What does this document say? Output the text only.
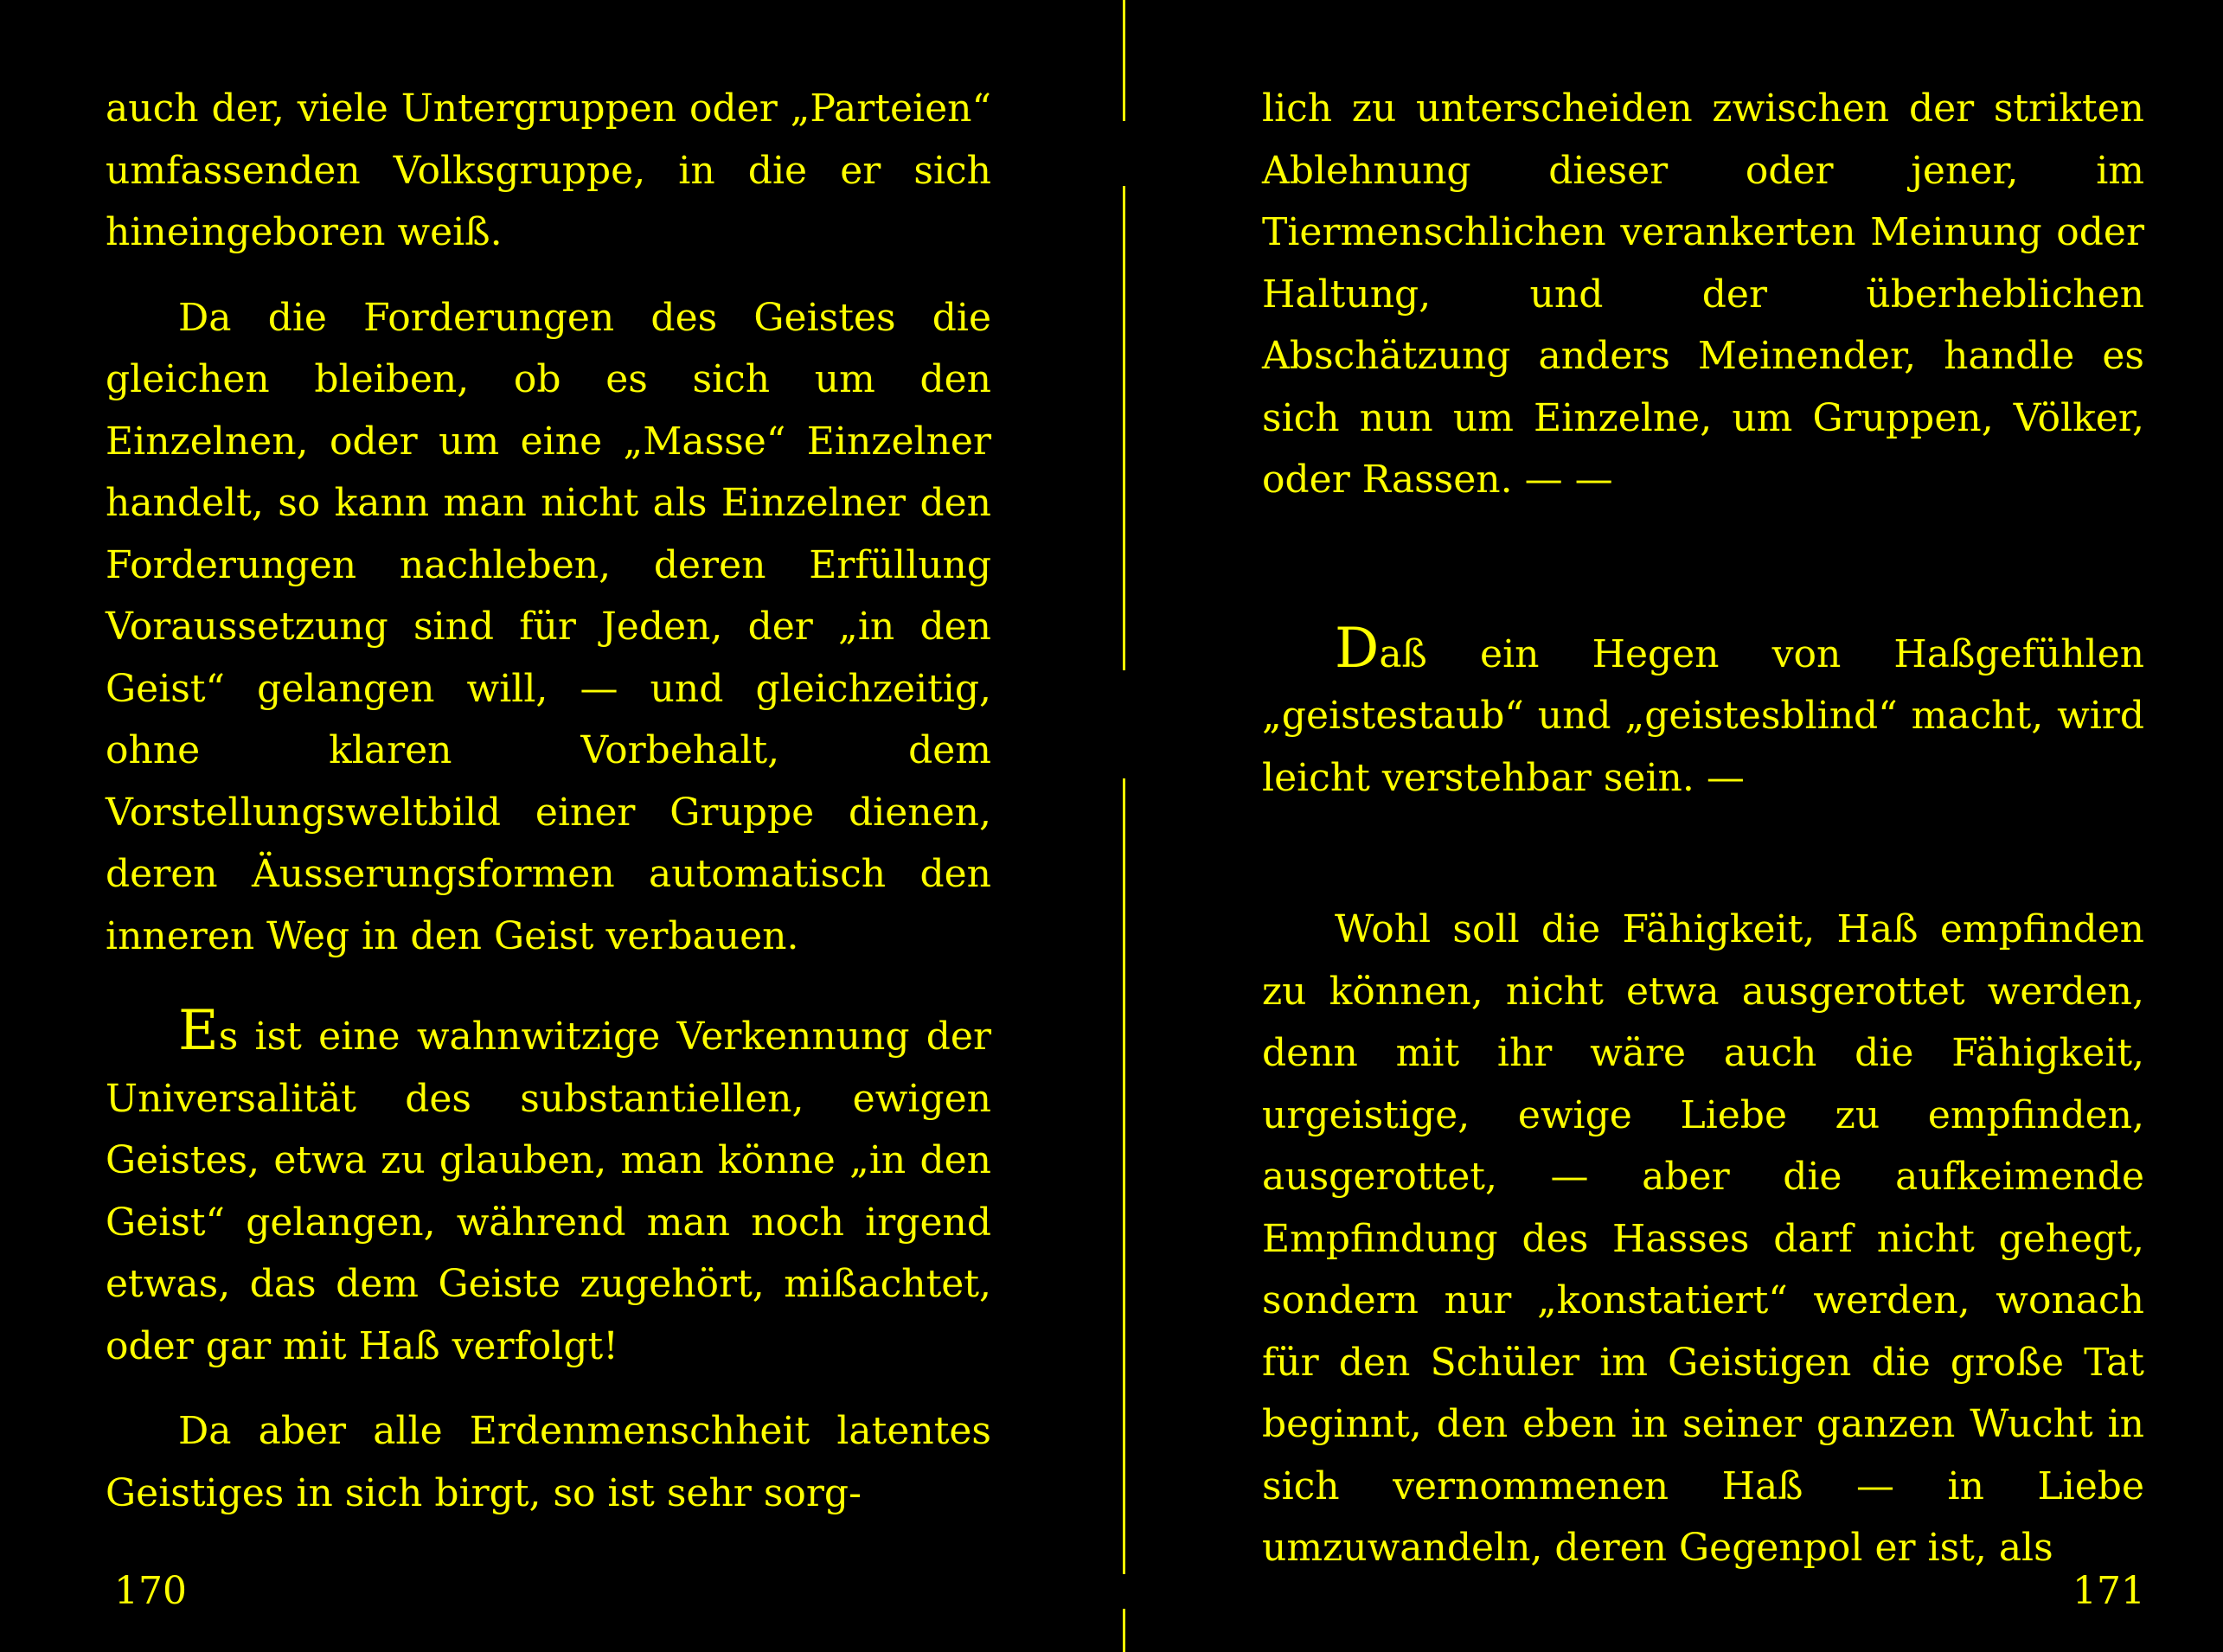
auch der, viele Untergruppen oder „Parteien“ umfassenden Volksgruppe, in die er sich hineingeboren weiß.

Da die Forderungen des Geistes die gleichen bleiben, ob es sich um den Einzelnen, oder um eine „Masse“ Einzelner handelt, so kann man nicht als Einzelner den Forderungen nachleben, deren Erfüllung Voraussetzung sind für Jeden, der „in den Geist“ gelangen will, — und gleichzeitig, ohne klaren Vorbehalt, dem Vorstellungsweltbild einer Gruppe dienen, deren Äusserungsformen automatisch den inneren Weg in den Geist verbauen.

Es ist eine wahnwitzige Verkennung der Universalität des substantiellen, ewigen Geistes, etwa zu glauben, man könne „in den Geist“ gelangen, während man noch irgend etwas, das dem Geiste zugehört, mißachtet, oder gar mit Haß verfolgt!

Da aber alle Erdenmenschheit latentes Geistiges in sich birgt, so ist sehr sorg-

170

lich zu unterscheiden zwischen der strikten Ablehnung dieser oder jener, im Tiermenschlichen verankerten Meinung oder Haltung, und der überheblichen Abschätzung anders Meinender, handle es sich nun um Einzelne, um Gruppen, Völker, oder Rassen. — —

Daß ein Hegen von Haßgefühlen „geistestaub“ und „geistesblind“ macht, wird leicht verstehbar sein. —

Wohl soll die Fähigkeit, Haß empfinden zu können, nicht etwa ausgerottet werden, denn mit ihr wäre auch die Fähigkeit, urgeistige, ewige Liebe zu empfinden, ausgerottet, — aber die aufkeimende Empfindung des Hasses darf nicht gehegt, sondern nur „konstatiert“ werden, wonach für den Schüler im Geistigen die große Tat beginnt, den eben in seiner ganzen Wucht in sich vernommenen Haß — in Liebe umzuwandeln, deren Gegenpol er ist, als

171
